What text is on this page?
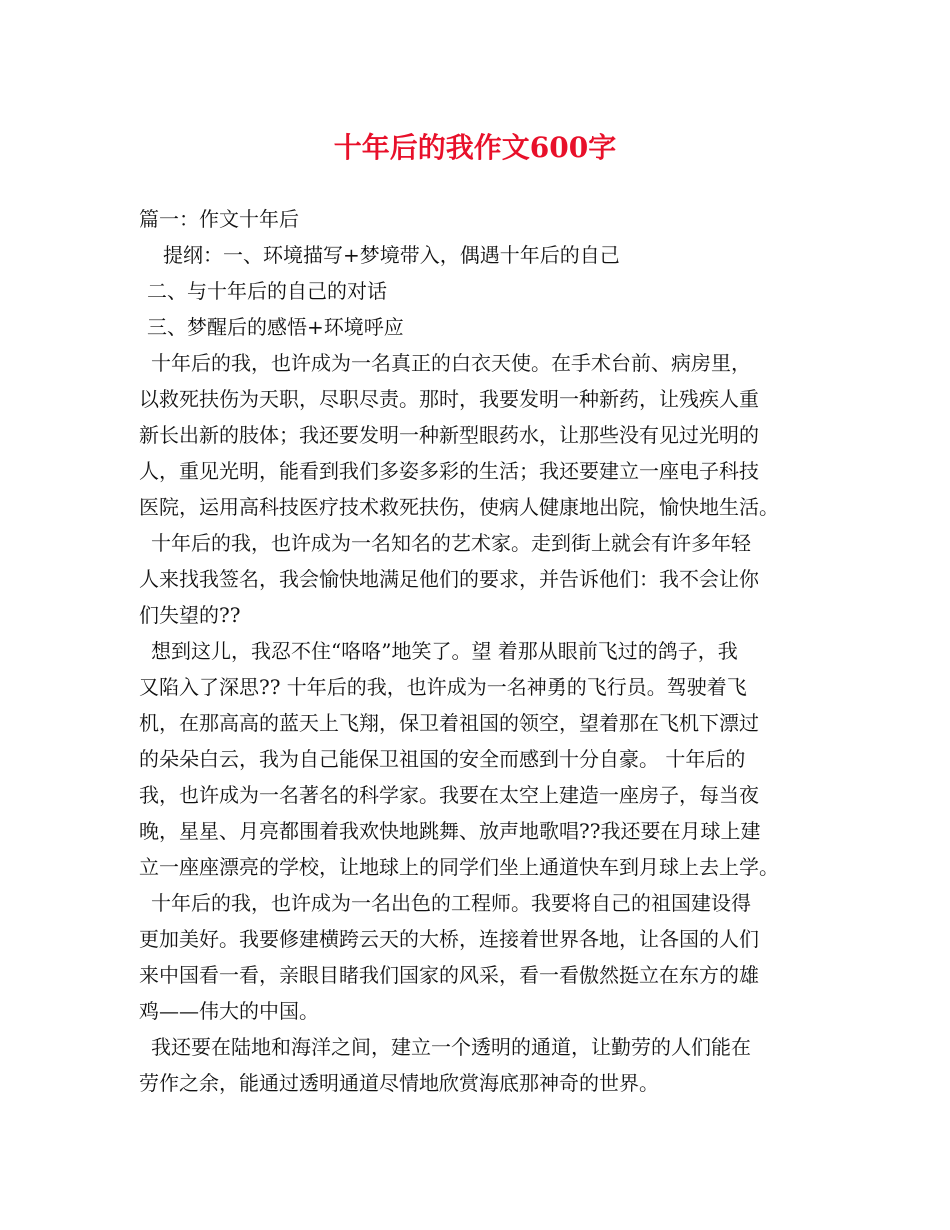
十年后的我作文600字

篇一：作文十年后

提纲：一、环境描写+梦境带入，偶遇十年后的自己

二、与十年后的自己的对话

三、梦醒后的感悟+环境呼应

十年后的我，也许成为一名真正的白衣天使。在手术台前、病房里，

以救死扶伤为天职，尽职尽责。那时，我要发明一种新药，让残疾人重

新长出新的肢体；我还要发明一种新型眼药水，让那些没有见过光明的

人，重见光明，能看到我们多姿多彩的生活；我还要建立一座电子科技

医院，运用高科技医疗技术救死扶伤，使病人健康地出院，愉快地生活。

十年后的我，也许成为一名知名的艺术家。走到街上就会有许多年轻

人来找我签名，我会愉快地满足他们的要求，并告诉他们：我不会让你

们失望的??

想到这儿，我忍不住“咯咯”地笑了。望 着那从眼前飞过的鸽子，我

又陷入了深思?? 十年后的我，也许成为一名神勇的飞行员。驾驶着飞

机，在那高高的蓝天上飞翔，保卫着祖国的领空，望着那在飞机下漂过

的朵朵白云，我为自己能保卫祖国的安全而感到十分自豪。 十年后的

我，也许成为一名著名的科学家。我要在太空上建造一座房子，每当夜

晚，星星、月亮都围着我欢快地跳舞、放声地歌唱??我还要在月球上建

立一座座漂亮的学校，让地球上的同学们坐上通道快车到月球上去上学。

十年后的我，也许成为一名出色的工程师。我要将自己的祖国建设得

更加美好。我要修建横跨云天的大桥，连接着世界各地，让各国的人们

来中国看一看，亲眼目睹我们国家的风采，看一看傲然挺立在东方的雄

鸡——伟大的中国。

我还要在陆地和海洋之间，建立一个透明的通道，让勤劳的人们能在

劳作之余，能通过透明通道尽情地欣赏海底那神奇的世界。
